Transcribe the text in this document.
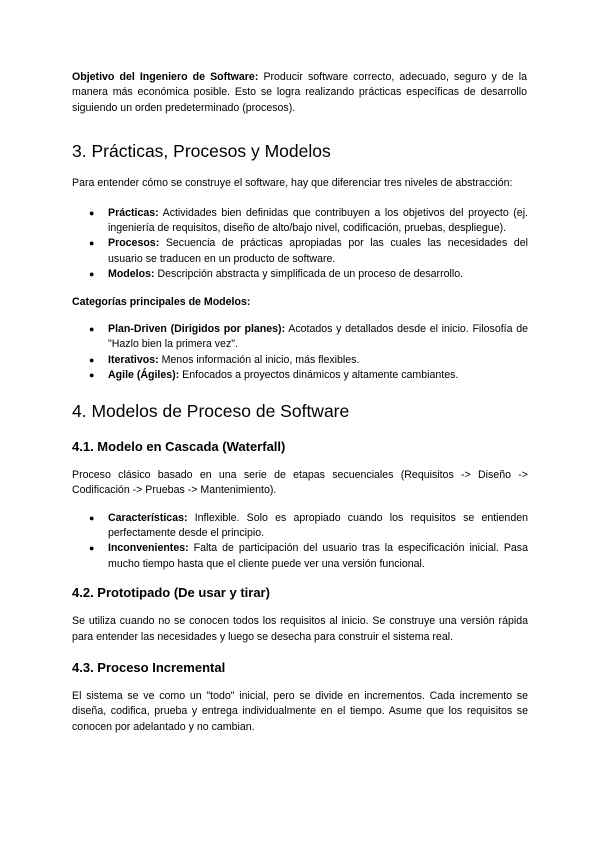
Objetivo del Ingeniero de Software: Producir software correcto, adecuado, seguro y de la manera más económica posible. Esto se logra realizando prácticas específicas de desarrollo siguiendo un orden predeterminado (procesos).

3. Prácticas, Procesos y Modelos

Para entender cómo se construye el software, hay que diferenciar tres niveles de abstracción:

● Prácticas: Actividades bien definidas que contribuyen a los objetivos del proyecto (ej. ingeniería de requisitos, diseño de alto/bajo nivel, codificación, pruebas, despliegue).
● Procesos: Secuencia de prácticas apropiadas por las cuales las necesidades del usuario se traducen en un producto de software.
● Modelos: Descripción abstracta y simplificada de un proceso de desarrollo.

Categorías principales de Modelos:

● Plan-Driven (Dirigidos por planes): Acotados y detallados desde el inicio. Filosofía de "Hazlo bien la primera vez".
● Iterativos: Menos información al inicio, más flexibles.
● Agile (Ágiles): Enfocados a proyectos dinámicos y altamente cambiantes.
4. Modelos de Proceso de Software
4.1. Modelo en Cascada (Waterfall)

Proceso clásico basado en una serie de etapas secuenciales (Requisitos -> Diseño -> Codificación -> Pruebas -> Mantenimiento).

● Características: Inflexible. Solo es apropiado cuando los requisitos se entienden perfectamente desde el principio.
● Inconvenientes: Falta de participación del usuario tras la especificación inicial. Pasa mucho tiempo hasta que el cliente puede ver una versión funcional.
4.2. Prototipado (De usar y tirar)

Se utiliza cuando no se conocen todos los requisitos al inicio. Se construye una versión rápida para entender las necesidades y luego se desecha para construir el sistema real.

4.3. Proceso Incremental

El sistema se ve como un "todo" inicial, pero se divide en incrementos. Cada incremento se diseña, codifica, prueba y entrega individualmente en el tiempo. Asume que los requisitos se conocen por adelantado y no cambian.
